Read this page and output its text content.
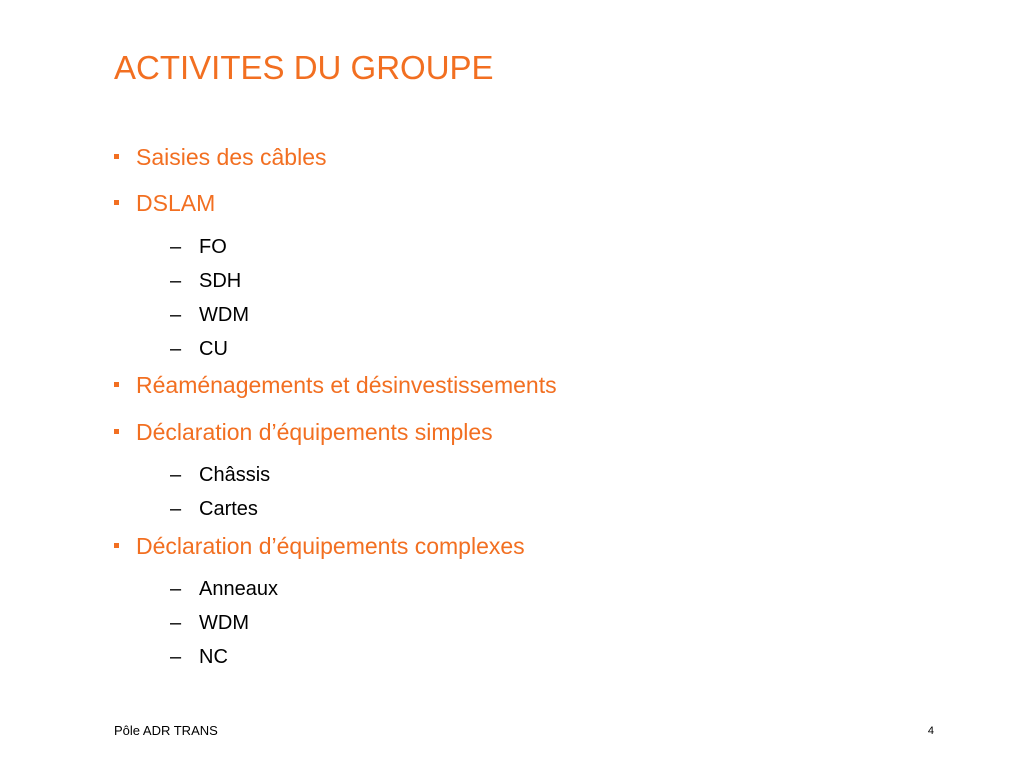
ACTIVITES DU GROUPE
Saisies des câbles
DSLAM
– FO
– SDH
– WDM
– CU
Réaménagements et désinvestissements
Déclaration d’équipements simples
– Châssis
– Cartes
Déclaration d’équipements complexes
– Anneaux
– WDM
– NC
Pôle ADR TRANS	4
